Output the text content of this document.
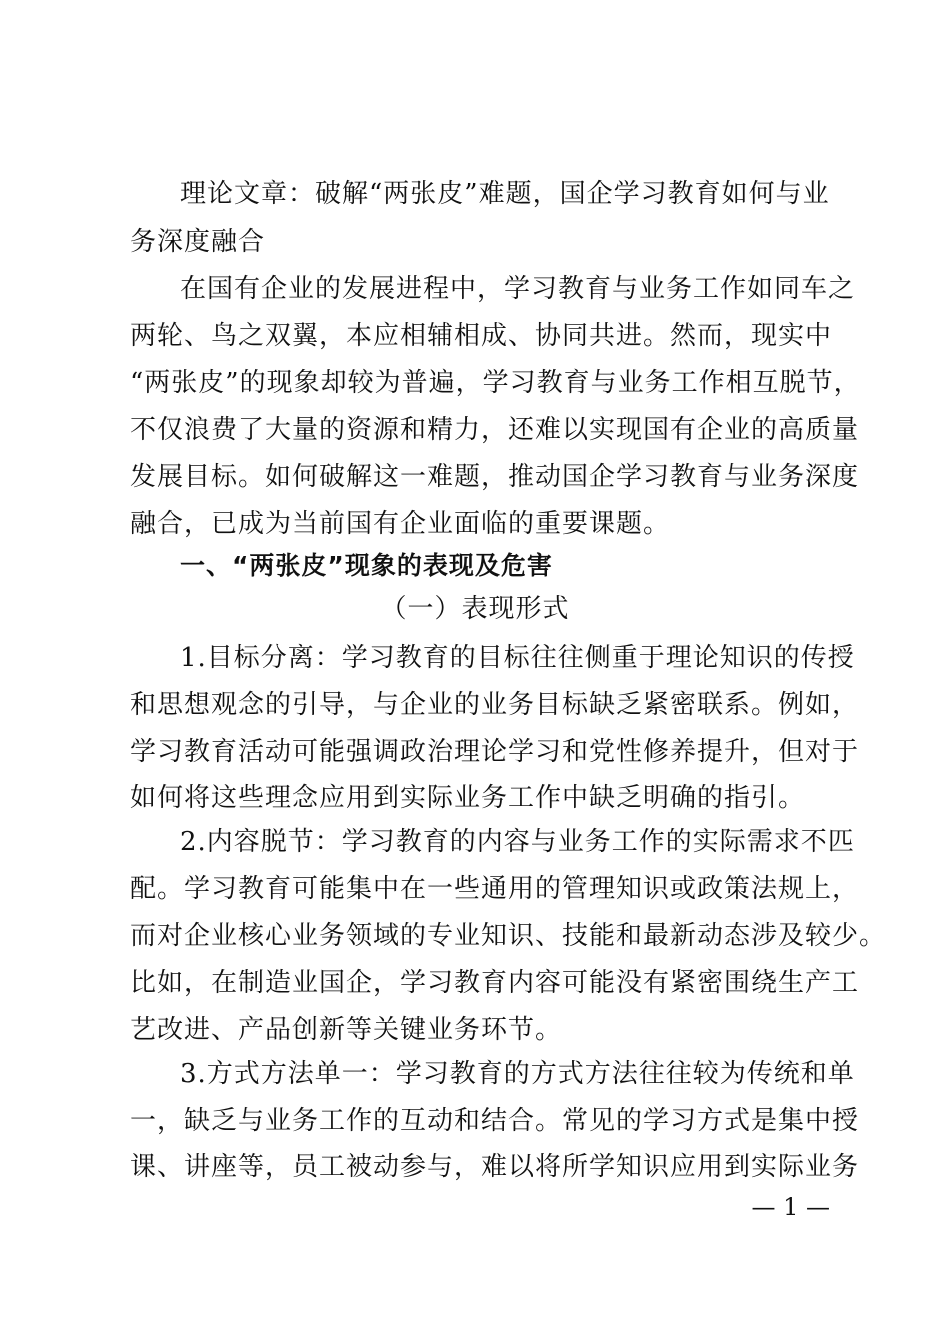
理论文章：破解“两张皮”难题，国企学习教育如何与业
务深度融合
在国有企业的发展进程中，学习教育与业务工作如同车之
两轮、鸟之双翼，本应相辅相成、协同共进。然而，现实中
“两张皮”的现象却较为普遍，学习教育与业务工作相互脱节，
不仅浪费了大量的资源和精力，还难以实现国有企业的高质量
发展目标。如何破解这一难题，推动国企学习教育与业务深度
融合，已成为当前国有企业面临的重要课题。
一、“两张皮”现象的表现及危害
（一）表现形式
1.目标分离：学习教育的目标往往侧重于理论知识的传授
和思想观念的引导，与企业的业务目标缺乏紧密联系。例如，
学习教育活动可能强调政治理论学习和党性修养提升，但对于
如何将这些理念应用到实际业务工作中缺乏明确的指引。
2.内容脱节：学习教育的内容与业务工作的实际需求不匹
配。学习教育可能集中在一些通用的管理知识或政策法规上，
而对企业核心业务领域的专业知识、技能和最新动态涉及较少。
比如，在制造业国企，学习教育内容可能没有紧密围绕生产工
艺改进、产品创新等关键业务环节。
3.方式方法单一：学习教育的方式方法往往较为传统和单
一，缺乏与业务工作的互动和结合。常见的学习方式是集中授
课、讲座等，员工被动参与，难以将所学知识应用到实际业务
— 1 —
